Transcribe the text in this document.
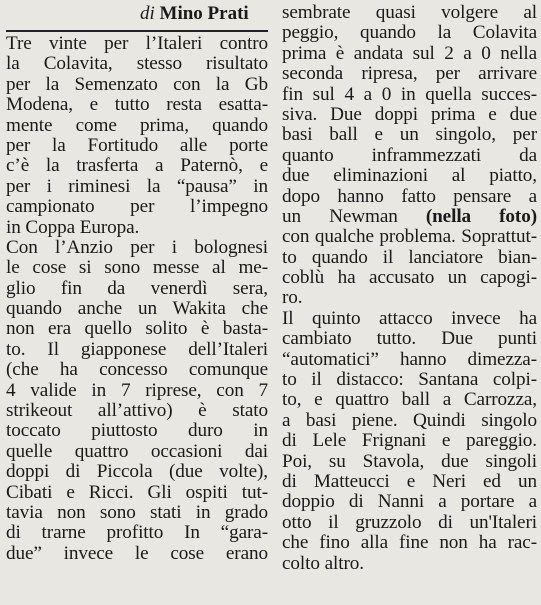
di Mino Prati
Tre vinte per l’Italeri contro
la Colavita, stesso risultato
per la Semenzato con la Gb
Modena, e tutto resta esatta-
mente come prima, quando
per la Fortitudo alle porte
c’è la trasferta a Paternò, e
per i riminesi la “pausa” in
campionato per l’impegno
in Coppa Europa.
Con l’Anzio per i bolognesi
le cose si sono messe al me-
glio fin da venerdì sera,
quando anche un Wakita che
non era quello solito è basta-
to. Il giapponese dell’Italeri
(che ha concesso comunque
4 valide in 7 riprese, con 7
strikeout all’attivo) è stato
toccato piuttosto duro in
quelle quattro occasioni dai
doppi di Piccola (due volte),
Cibati e Ricci. Gli ospiti tut-
tavia non sono stati in grado
di trarne profitto In “gara-
due” invece le cose erano
sembrate quasi volgere al
peggio, quando la Colavita
prima è andata sul 2 a 0 nella
seconda ripresa, per arrivare
fin sul 4 a 0 in quella succes-
siva. Due doppi prima e due
basi ball e un singolo, per
quanto inframmezzati da
due eliminazioni al piatto,
dopo hanno fatto pensare a
un Newman (nella foto)
con qualche problema. Soprattut-
to quando il lanciatore bian-
coblù ha accusato un capogi-
ro.
Il quinto attacco invece ha
cambiato tutto. Due punti
“automatici” hanno dimezza-
to il distacco: Santana colpi-
to, e quattro ball a Carrozza,
a basi piene. Quindi singolo
di Lele Frignani e pareggio.
Poi, su Stavola, due singoli
di Matteucci e Neri ed un
doppio di Nanni a portare a
otto il gruzzolo di un'Italeri
che fino alla fine non ha rac-
colto altro.
